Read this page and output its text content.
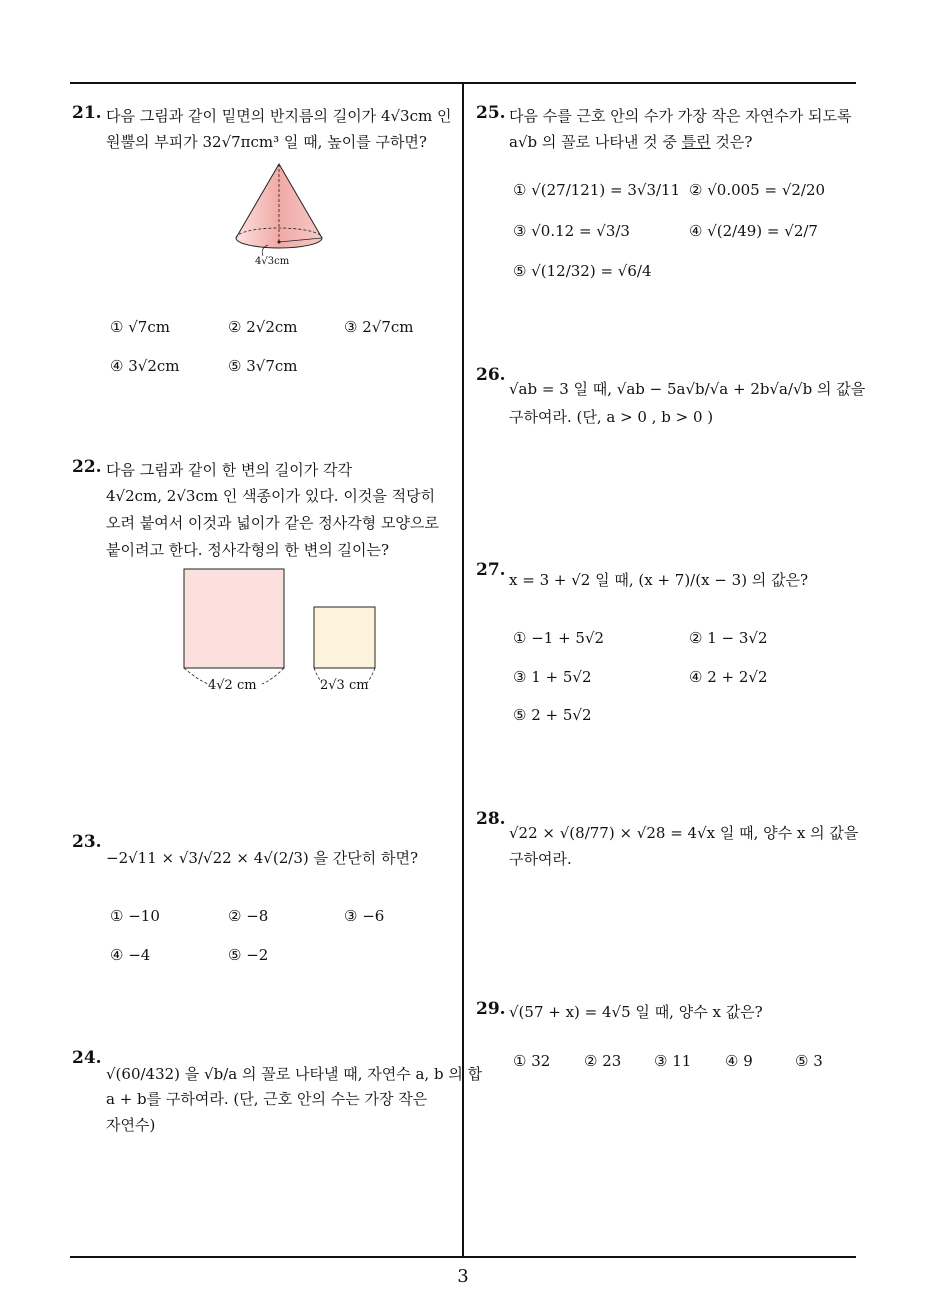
21. 다음 그림과 같이 밑면의 반지름의 길이가 4√3cm 인
원뿔의 부피가 32√7πcm³ 일 때, 높이를 구하면?
4√3cm
① √7cm	② 2√2cm	③ 2√7cm
④ 3√2cm	⑤ 3√7cm
22. 다음 그림과 같이 한 변의 길이가 각각
4√2cm, 2√3cm 인 색종이가 있다. 이것을 적당히
오려 붙여서 이것과 넓이가 같은 정사각형 모양으로
붙이려고 한다. 정사각형의 한 변의 길이는?
4√2 cm	2√3 cm
23.
−2√11 × √3/√22 × 4√(2/3) 을 간단히 하면?
① −10	② −8	③ −6
④ −4	⑤ −2
24.
√(60/432) 을 √b/a 의 꼴로 나타낼 때, 자연수 a, b 의 합
a + b를 구하여라. (단, 근호 안의 수는 가장 작은
자연수)
25. 다음 수를 근호 안의 수가 가장 작은 자연수가 되도록
a√b 의 꼴로 나타낸 것 중 틀린 것은?
① √(27/121) = 3√3/11 ② √0.005 = √2/20
③ √0.12 = √3/3	④ √(2/49) = √2/7
⑤ √(12/32) = √6/4
26.
√ab = 3 일 때, √ab − 5a√b/√a + 2b√a/√b 의 값을
구하여라. (단, a > 0 , b > 0 )
27. x = 3 + √2 일 때, (x + 7)/(x − 3) 의 값은?
① −1 + 5√2	② 1 − 3√2
③ 1 + 5√2	④ 2 + 2√2
⑤ 2 + 5√2
28.
√22 × √(8/77) × √28 = 4√x 일 때, 양수 x 의 값을
구하여라.
29. √(57 + x) = 4√5 일 때, 양수 x 값은?
① 32 ② 23 ③ 11 ④ 9	⑤ 3
3
